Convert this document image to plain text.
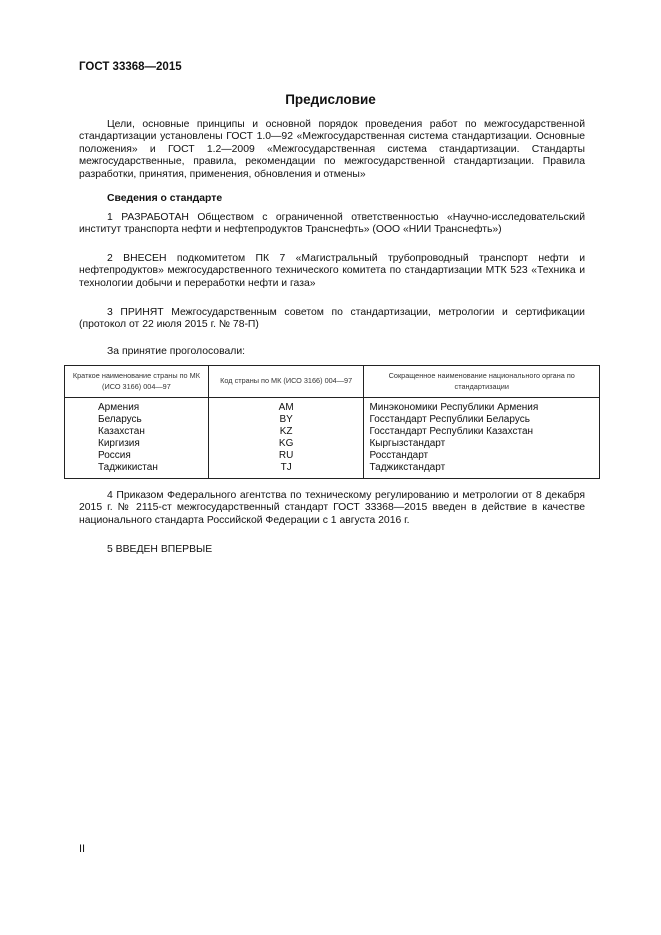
ГОСТ 33368—2015
Предисловие

Цели, основные принципы и основной порядок проведения работ по межгосударственной стандартизации установлены ГОСТ 1.0—92 «Межгосударственная система стандартизации. Основные положения» и ГОСТ 1.2—2009 «Межгосударственная система стандартизации. Стандарты межгосударственные, правила, рекомендации по межгосударственной стандартизации. Правила разработки, принятия, применения, обновления и отмены»

Сведения о стандарте

1 РАЗРАБОТАН Обществом с ограниченной ответственностью «Научно-исследовательский институт транспорта нефти и нефтепродуктов Транснефть» (ООО «НИИ Транснефть»)

2 ВНЕСЕН подкомитетом ПК 7 «Магистральный трубопроводный транспорт нефти и нефтепродуктов» межгосударственного технического комитета по стандартизации МТК 523 «Техника и технологии добычи и переработки нефти и газа»

3 ПРИНЯТ Межгосударственным советом по стандартизации, метрологии и сертификации (протокол от 22 июля 2015 г. № 78-П)

За принятие проголосовали:
Краткое наименование страны по МК (ИСО 3166) 004—97	Код страны по МК (ИСО 3166) 004—97	Сокращенное наименование национального органа по стандартизации
Армения	AM	Минэкономики Республики Армения
Беларусь	BY	Госстандарт Республики Беларусь
Казахстан	KZ	Госстандарт Республики Казахстан
Киргизия	KG	Кыргызстандарт
Россия	RU	Росстандарт
Таджикистан	TJ	Таджикстандарт

4 Приказом Федерального агентства по техническому регулированию и метрологии от 8 декабря 2015 г. № 2115-ст межгосударственный стандарт ГОСТ 33368—2015 введен в действие в качестве национального стандарта Российской Федерации с 1 августа 2016 г.

5 ВВЕДЕН ВПЕРВЫЕ
II
